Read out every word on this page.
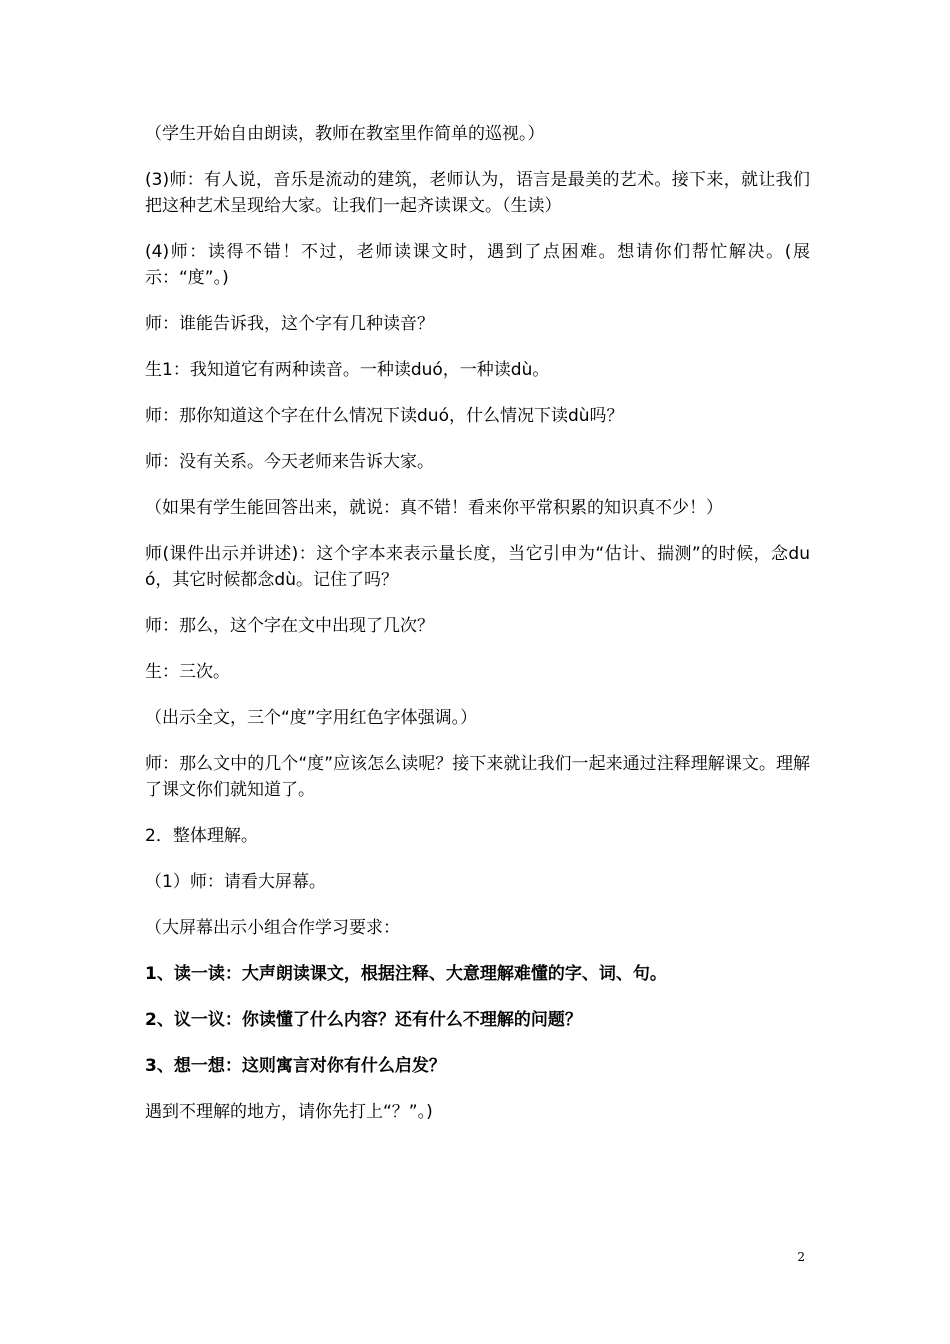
（学生开始自由朗读，教师在教室里作简单的巡视。）

(3)师：有人说，音乐是流动的建筑，老师认为，语言是最美的艺术。接下来，就让我们把这种艺术呈现给大家。让我们一起齐读课文。（生读）

(4)师：读得不错！不过，老师读课文时，遇到了点困难。想请你们帮忙解决。(展示：“度”。)

师：谁能告诉我，这个字有几种读音？

生1：我知道它有两种读音。一种读duó，一种读dù。

师：那你知道这个字在什么情况下读duó，什么情况下读dù吗？

师：没有关系。今天老师来告诉大家。

（如果有学生能回答出来，就说：真不错！看来你平常积累的知识真不少！）

师(课件出示并讲述)：这个字本来表示量长度，当它引申为“估计、揣测”的时候，念duó，其它时候都念dù。记住了吗？

师：那么，这个字在文中出现了几次？

生：三次。

（出示全文，三个“度”字用红色字体强调。）

师：那么文中的几个“度”应该怎么读呢？接下来就让我们一起来通过注释理解课文。理解了课文你们就知道了。

2．整体理解。

（1）师：请看大屏幕。

（大屏幕出示小组合作学习要求：

1、读一读：大声朗读课文，根据注释、大意理解难懂的字、词、句。

2、议一议：你读懂了什么内容？还有什么不理解的问题？

3、想一想：这则寓言对你有什么启发？

遇到不理解的地方，请你先打上“？”。)

2
